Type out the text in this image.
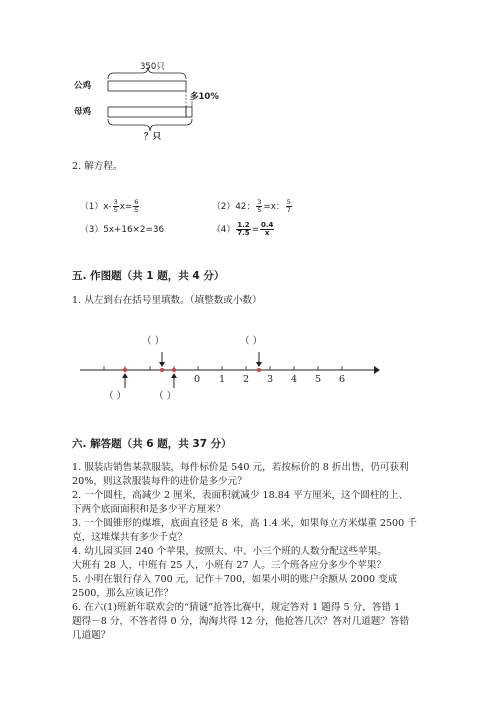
350只
公鸡
母鸡
多10%
？只
2. 解方程。
$(1)x- \frac{3}{5} x= \frac{6}{5}$	（2）42： $\frac{3}{5} =x$： $\frac{5}{7}$
（3）5x+16×2=36	$(4) \frac{1.2}{7.5} = \frac{0.4}{x}$
五. 作图题（共 1 题，共 4 分）
1. 从左到右在括号里填数。（填整数或小数）
0 1 2 3 4 5 6
（ ）	（ ）
（ ）	（ ）
六. 解答题（共 6 题，共 37 分）
1. 服装店销售某款服装，每件标价是 540 元，若按标价的 8 折出售，仍可获利
20%，则这款服装每件的进价是多少元？
2. 一个圆柱，高减少 2 厘米，表面积就减少 18.84 平方厘米，这个圆柱的上、
下两个底面面积和是多少平方厘米？
3. 一个圆锥形的煤堆，底面直径是 8 米，高 1.4 米，如果每立方米煤重 2500 千
克，这堆煤共有多少千克？
4. 幼儿园买回 240 个苹果，按照大、中、小三个班的人数分配这些苹果。
大班有 28 人，中班有 25 人，小班有 27 人。三个班各应分多少个苹果？
5. 小明在银行存入 700 元，记作＋700，如果小明的账户余额从 2000 变成
2500，那么应该记作？
6. 在六(1)班新年联欢会的“猜谜”抢答比赛中，规定答对 1 题得 5 分，答错 1
题得－8 分，不答者得 0 分，淘淘共得 12 分，他抢答几次？答对几道题？答错
几道题？
